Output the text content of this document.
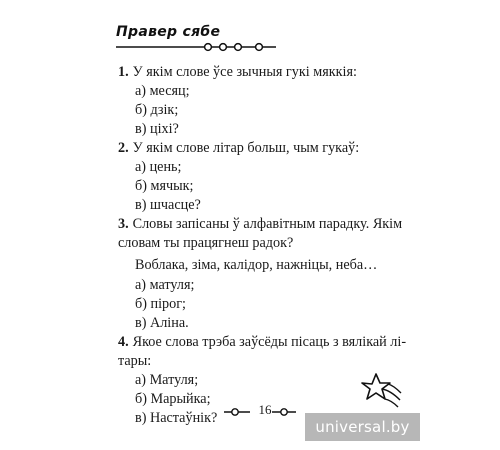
Правер сябе
1. У якім слове ўсе зычныя гукі мяккія:
а) месяц;
б) дзік;
в) ціхі?
2. У якім слове літар больш, чым гукаў:
а) цень;
б) мячык;
в) шчасце?
3. Словы запісаны ў алфавітным парадку. Якім
словам ты працягнеш радок?
Воблака, зіма, калідор, нажніцы, неба…
а) матуля;
б) пірог;
в) Аліна.
4. Якое слова трэба заўсёды пісаць з вялікай лі-
тары:
а) Матуля;
б) Марыйка;
в) Настаўнік?
16
universal.by
